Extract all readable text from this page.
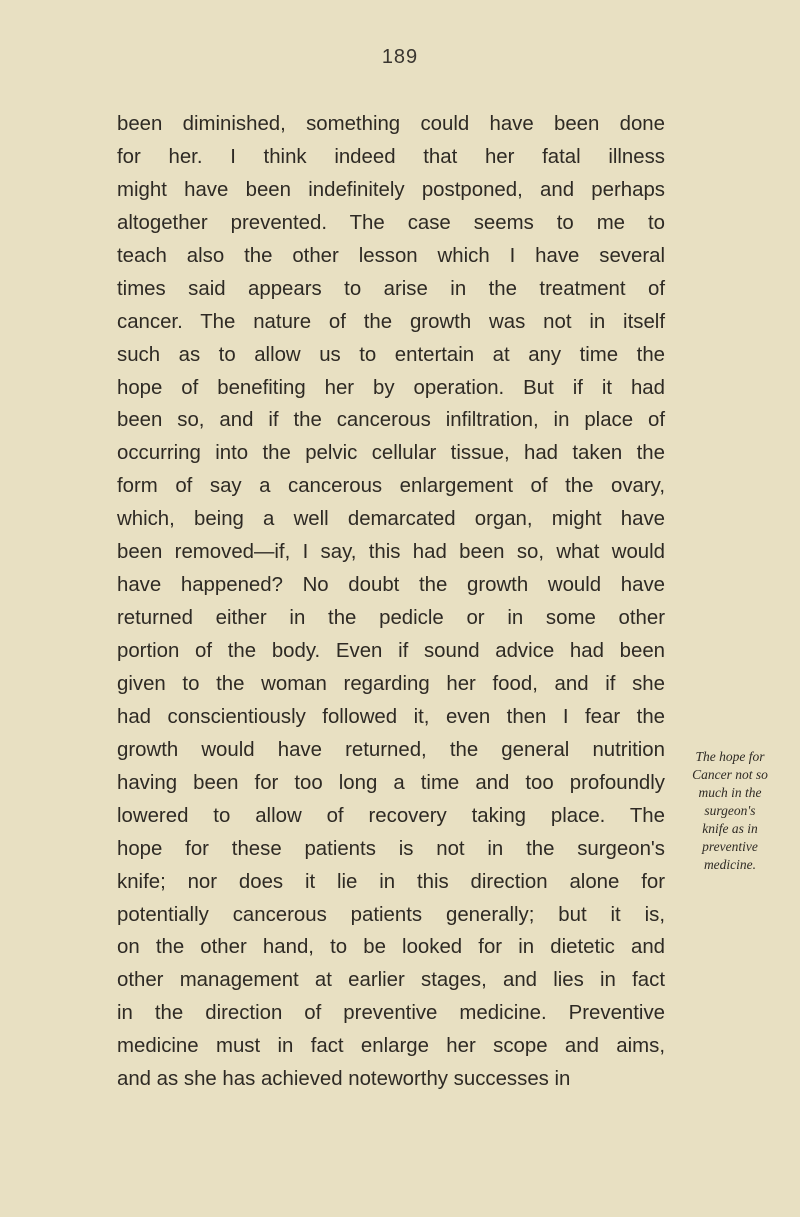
189
been diminished, something could have been done
for her. I think indeed that her fatal illness
might have been indefinitely postponed, and perhaps
altogether prevented. The case seems to me to
teach also the other lesson which I have several
times said appears to arise in the treatment of
cancer. The nature of the growth was not in itself
such as to allow us to entertain at any time the
hope of benefiting her by operation. But if it had
been so, and if the cancerous infiltration, in place of
occurring into the pelvic cellular tissue, had taken the
form of say a cancerous enlargement of the ovary,
which, being a well demarcated organ, might have
been removed—if, I say, this had been so, what would
have happened? No doubt the growth would have
returned either in the pedicle or in some other
portion of the body. Even if sound advice had been
given to the woman regarding her food, and if she
had conscientiously followed it, even then I fear the
growth would have returned, the general nutrition
having been for too long a time and too profoundly
lowered to allow of recovery taking place. The
hope for these patients is not in the surgeon's
knife; nor does it lie in this direction alone for
potentially cancerous patients generally; but it is,
on the other hand, to be looked for in dietetic and
other management at earlier stages, and lies in fact
in the direction of preventive medicine. Preventive
medicine must in fact enlarge her scope and aims,
and as she has achieved noteworthy successes in
The hope for
Cancer not so
much in the
surgeon's
knife as in
preventive
medicine.
